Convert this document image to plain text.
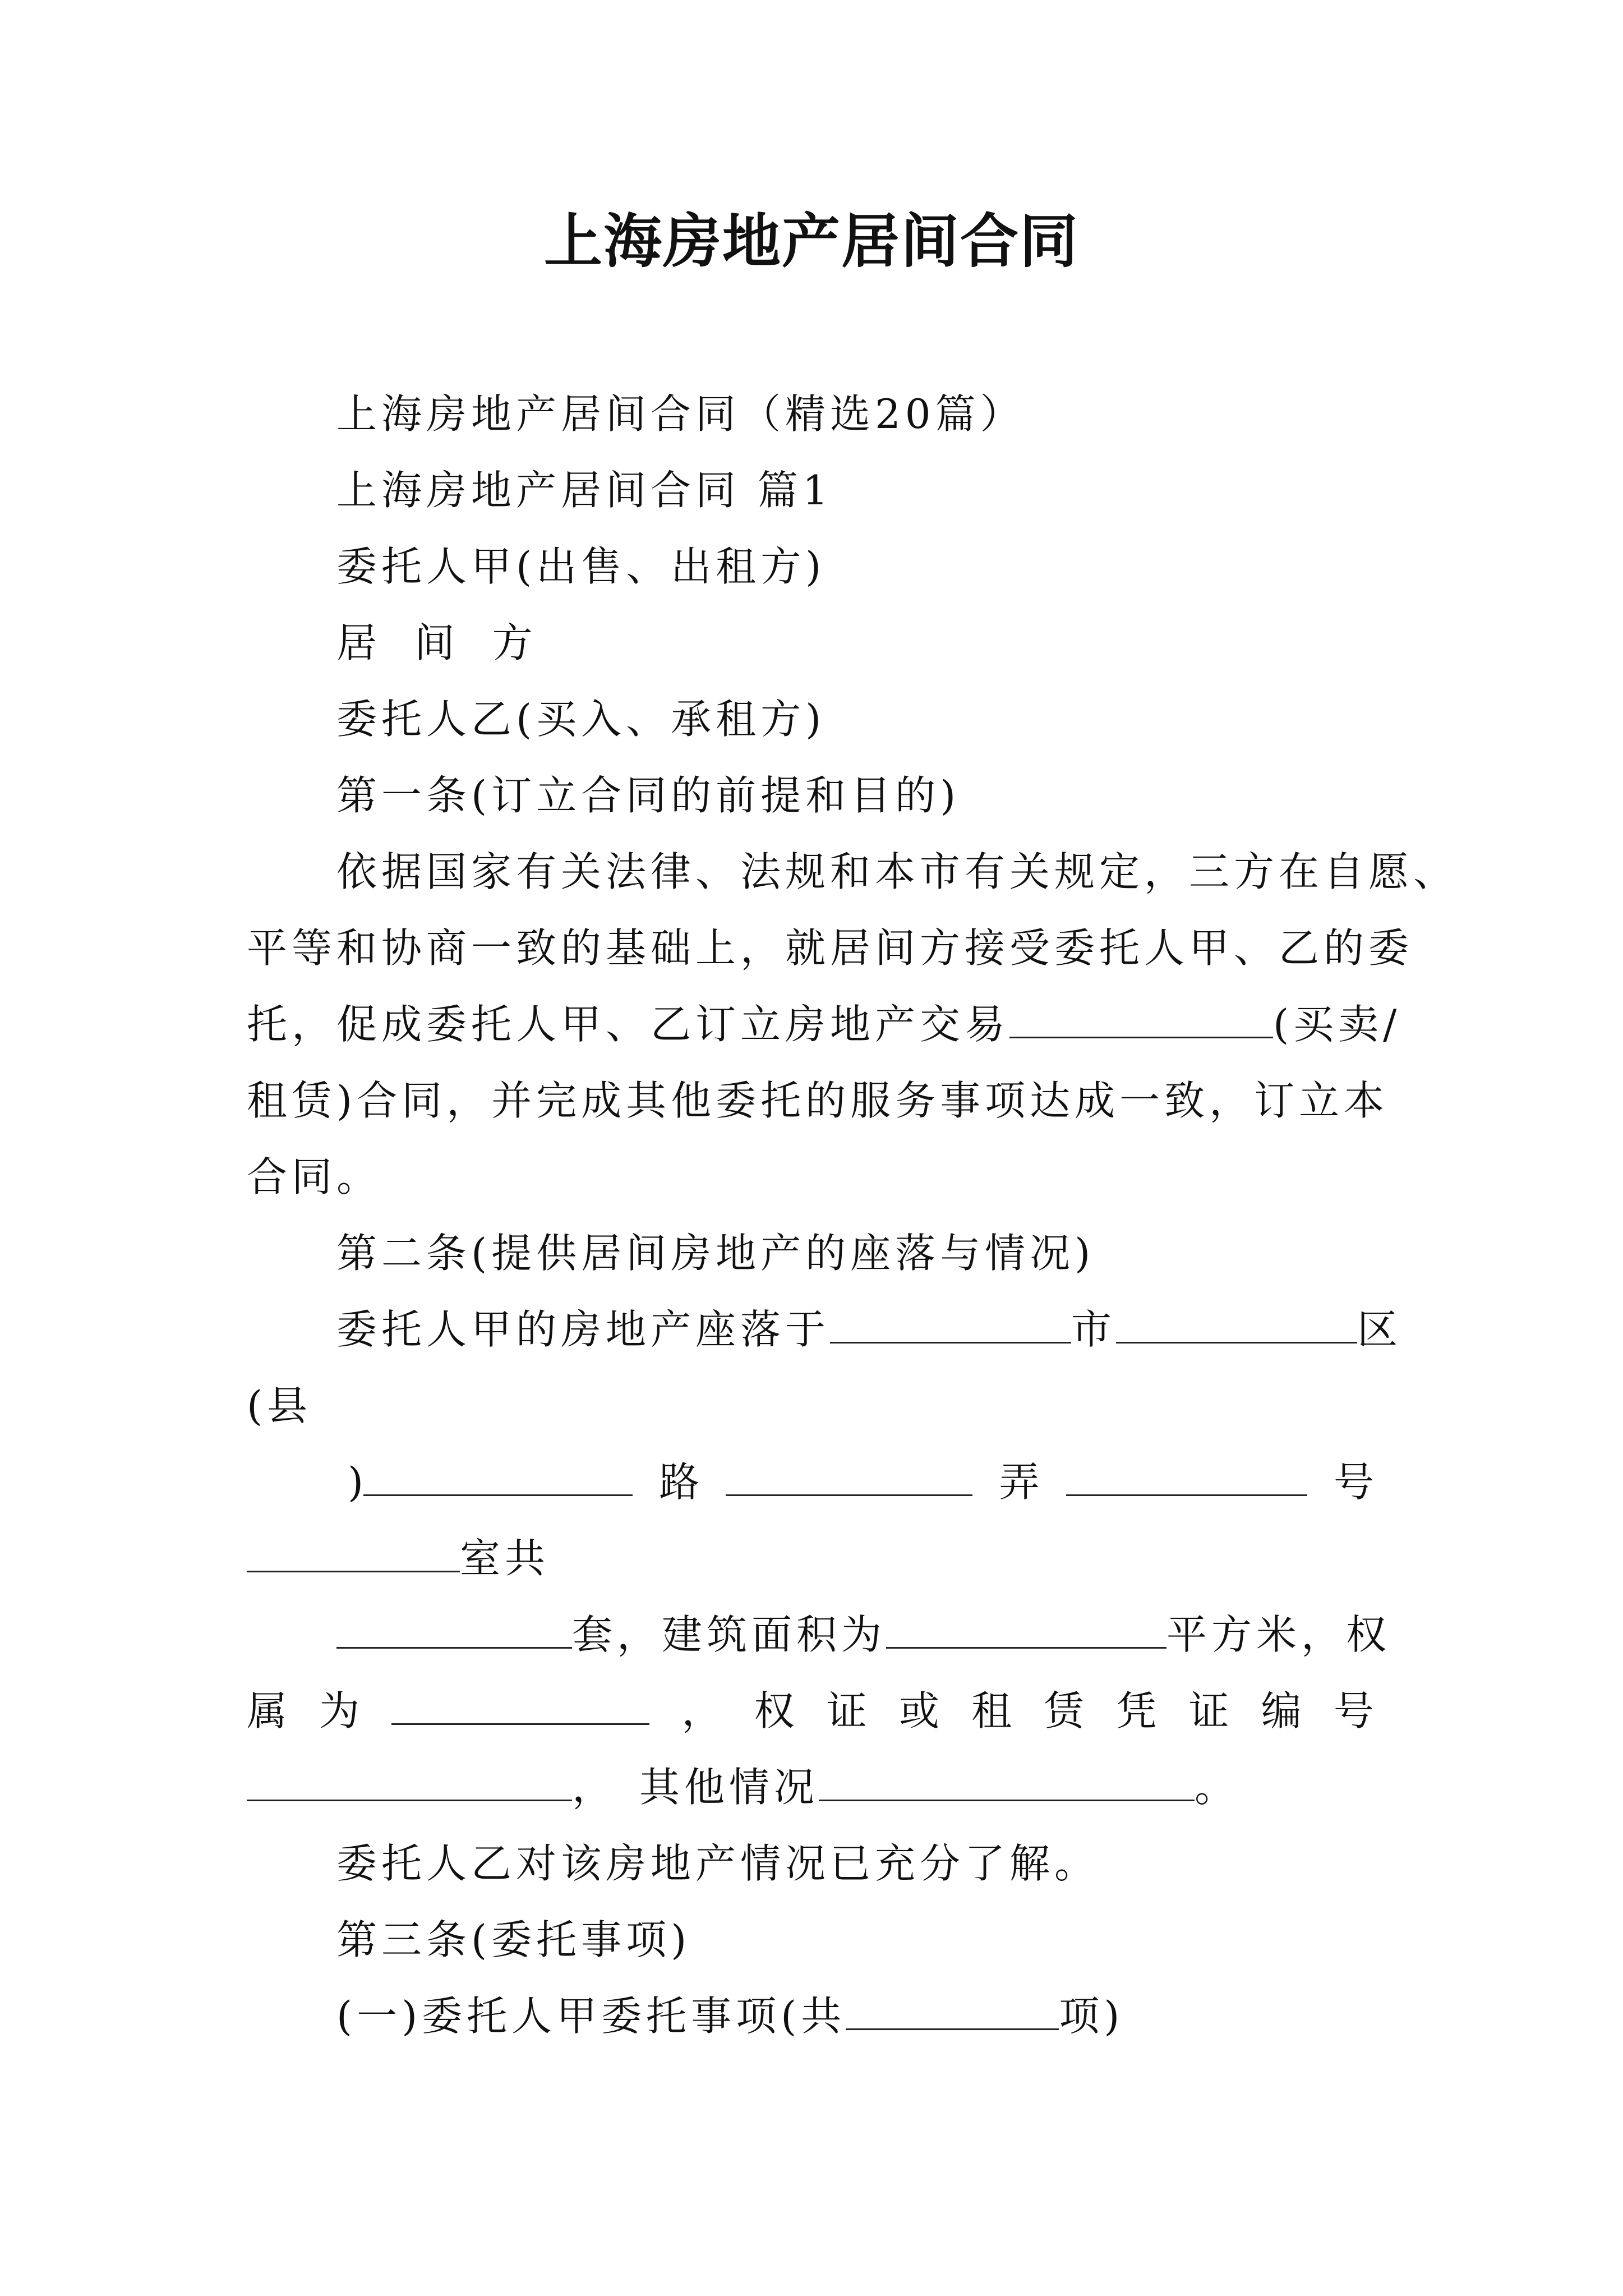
上海房地产居间合同
上海房地产居间合同（精选20篇）
上海房地产居间合同 篇1
委托人甲(出售、出租方)
居 间 方
委托人乙(买入、承租方)
第一条(订立合同的前提和目的)
依据国家有关法律、法规和本市有关规定，三方在自愿、
平等和协商一致的基础上，就居间方接受委托人甲、乙的委
托，促成委托人甲、乙订立房地产交易	(买卖/
租赁)合同，并完成其他委托的服务事项达成一致，订立本
合同。
第二条(提供居间房地产的座落与情况)
委托人甲的房地产座落于	市	区
(县
)	路	弄	号
室共
套，建筑面积为	平方米，权
属 为	， 权 证 或 租 赁 凭 证 编 号
， 其他情况	。
委托人乙对该房地产情况已充分了解。
第三条(委托事项)
(一)委托人甲委托事项(共	项)
